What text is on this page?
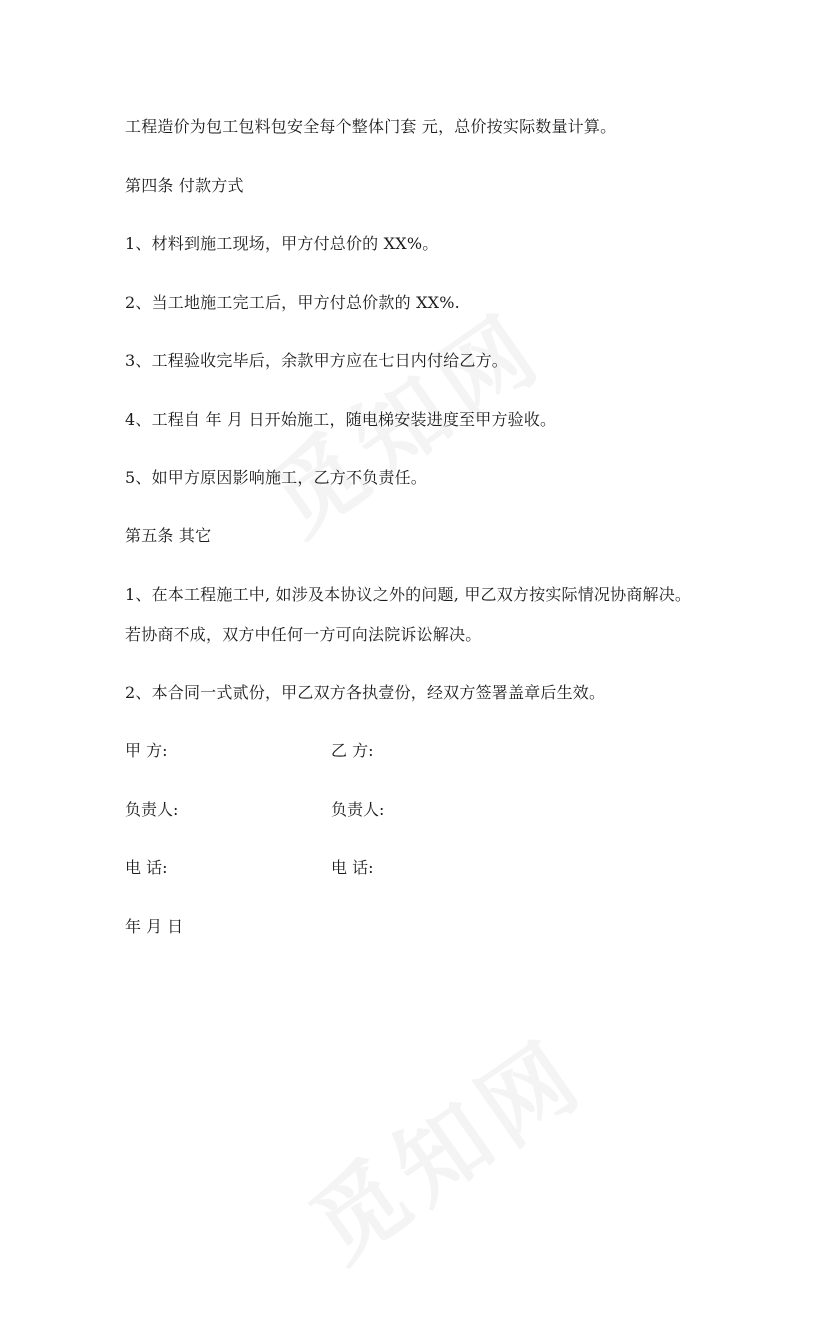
工程造价为包工包料包安全每个整体门套 元，总价按实际数量计算。
第四条 付款方式
1、材料到施工现场，甲方付总价的 XX%。
2、当工地施工完工后，甲方付总价款的 XX%.
3、工程验收完毕后，余款甲方应在七日内付给乙方。
4、工程自 年 月 日开始施工，随电梯安装进度至甲方验收。
5、如甲方原因影响施工，乙方不负责任。
第五条 其它
1、在本工程施工中, 如涉及本协议之外的问题, 甲乙双方按实际情况协商解决。
若协商不成，双方中任何一方可向法院诉讼解决。
2、本合同一式贰份，甲乙双方各执壹份，经双方签署盖章后生效。
甲 方:	乙 方:
负责人:	负责人:
电 话:	电 话:
年 月 日
